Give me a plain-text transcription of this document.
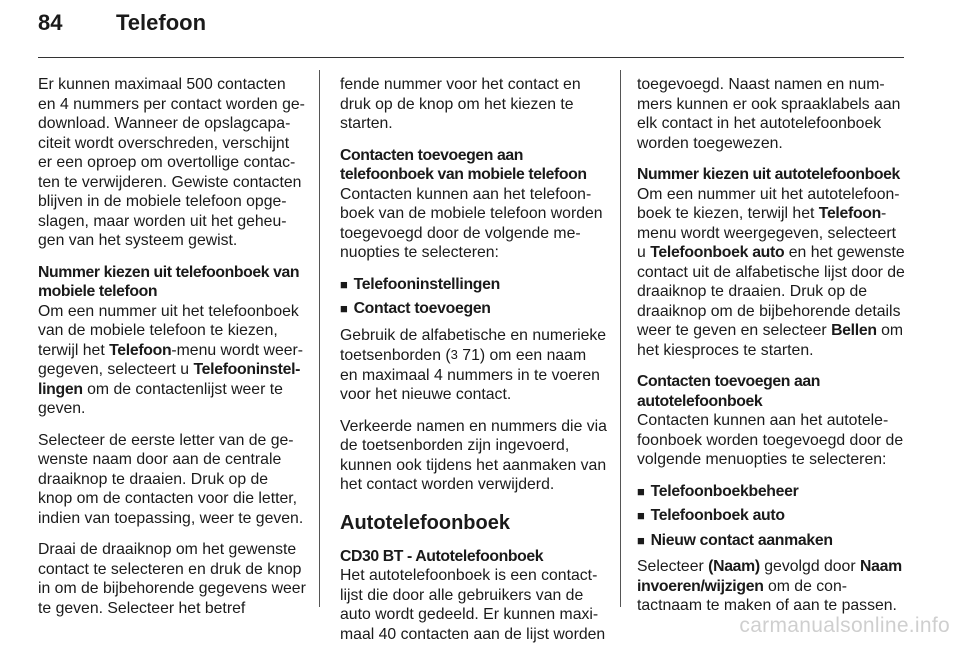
84 Telefoon

Er kunnen maximaal 500 contacten en 4 nummers per contact worden gedownload. Wanneer de opslagcapaciteit wordt overschreden, verschijnt er een oproep om overtollige contacten te verwijderen. Gewiste contacten blijven in de mobiele telefoon opgeslagen, maar worden uit het geheugen van het systeem gewist.

Nummer kiezen uit telefoonboek van mobiele telefoon

Om een nummer uit het telefoonboek van de mobiele telefoon te kiezen, terwijl het Telefoon-menu wordt weergegeven, selecteert u Telefooninstellingen om de contactenlijst weer te geven.

Selecteer de eerste letter van de gewenste naam door aan de centrale draaiknop te draaien. Druk op de knop om de contacten voor die letter, indien van toepassing, weer te geven.

Draai de draaiknop om het gewenste contact te selecteren en druk de knop in om de bijbehorende gegevens weer te geven. Selecteer het betref

fende nummer voor het contact en druk op de knop om het kiezen te starten.

Contacten toevoegen aan telefoonboek van mobiele telefoon

Contacten kunnen aan het telefoonboek van de mobiele telefoon worden toegevoegd door de volgende menuopties te selecteren:

■ Telefooninstellingen
■ Contact toevoegen

Gebruik de alfabetische en numerieke toetsenborden (3 71) om een naam en maximaal 4 nummers in te voeren voor het nieuwe contact.

Verkeerde namen en nummers die via de toetsenborden zijn ingevoerd, kunnen ook tijdens het aanmaken van het contact worden verwijderd.

Autotelefoonboek
CD30 BT - Autotelefoonboek

Het autotelefoonboek is een contactlijst die door alle gebruikers van de auto wordt gedeeld. Er kunnen maximaal 40 contacten aan de lijst worden

toegevoegd. Naast namen en nummers kunnen er ook spraaklabels aan elk contact in het autotelefoonboek worden toegewezen.

Nummer kiezen uit autotelefoonboek

Om een nummer uit het autotelefoonboek te kiezen, terwijl het Telefoon-menu wordt weergegeven, selecteert u Telefoonboek auto en het gewenste contact uit de alfabetische lijst door de draaiknop te draaien. Druk op de draaiknop om de bijbehorende details weer te geven en selecteer Bellen om het kiesproces te starten.

Contacten toevoegen aan autotelefoonboek

Contacten kunnen aan het autotelefoonboek worden toegevoegd door de volgende menuopties te selecteren:

■ Telefoonboekbeheer
■ Telefoonboek auto
■ Nieuw contact aanmaken

Selecteer (Naam) gevolgd door Naam invoeren/wijzigen om de contactnaam te maken of aan te passen.

carmanualsonline.info
